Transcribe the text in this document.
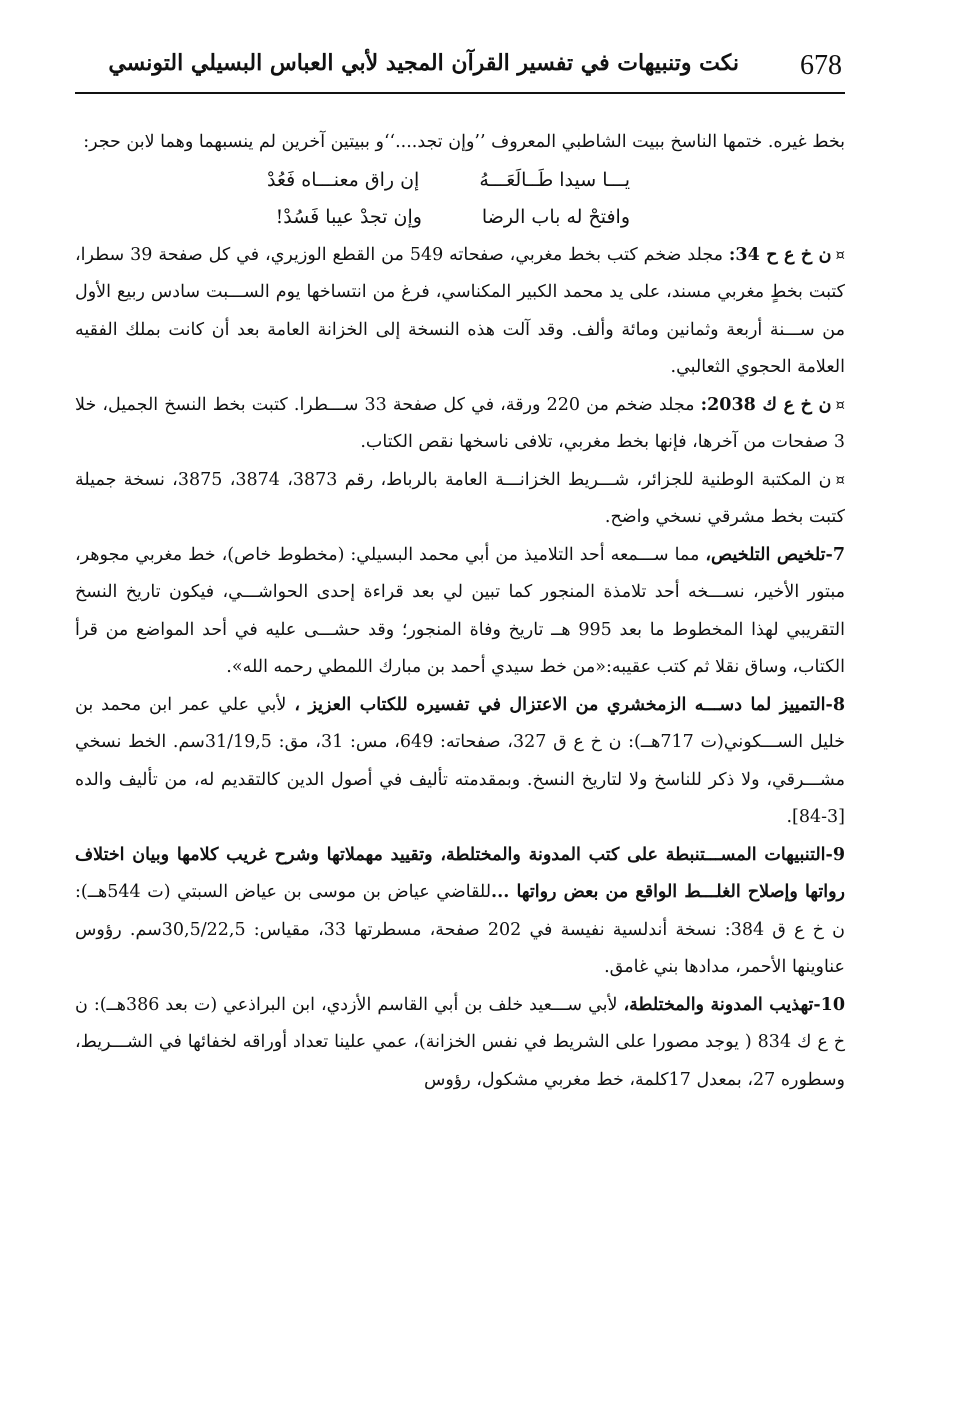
678
نكت وتنبيهات في تفسير القرآن المجيد لأبي العباس البسيلي التونسي

بخط غيره. ختمها الناسخ ببيت الشاطبي المعروف ’’وإن تجد....‘‘و ببيتين آخرين لم ينسبهما وهما لابن حجر:

يـــا سيدا طَــالَعَـــهُ
إن راق معنـــاه فَعُدْ
وافتحْ له باب الرضا
وإن تجدْ عيبا فَسُدْ!

¤ن خ ع ح 34: مجلد ضخم كتب بخط مغربي، صفحاته 549 من القطع الوزيري، في كل صفحة 39 سطرا، كتبت بخطٍ مغربي مسند، على يد محمد الكبير المكناسي، فرغ من انتساخها يوم الســـبت سادس ربيع الأول من ســـنة أربعة وثمانين ومائة وألف. وقد آلت هذه النسخة إلى الخزانة العامة بعد أن كانت بملك الفقيه العلامة الحجوي الثعالبي.

¤ن خ ع ك 2038: مجلد ضخم من 220 ورقة، في كل صفحة 33 ســـطرا. كتبت بخط النسخ الجميل، خلا 3 صفحات من آخرها، فإنها بخط مغربي، تلافى ناسخها نقص الكتاب.

¤ن المكتبة الوطنية للجزائر، شـــريط الخزانـــة العامة بالرباط، رقم 3873، 3874، 3875، نسخة جميلة كتبت بخط مشرقي نسخي واضح.

7-تلخيص التلخيص، مما ســـمعه أحد التلاميذ من أبي محمد البسيلي: (مخطوط خاص)، خط مغربي مجوهر، مبتور الأخير، نســـخه أحد تلامذة المنجور كما تبين لي بعد قراءة إحدى الحواشـــي، فيكون تاريخ النسخ التقريبي لهذا المخطوط ما بعد 995 هــ تاريخ وفاة المنجور؛ وقد حشـــى عليه في أحد المواضع من قرأ الكتاب، وساق نقلا ثم كتب عقيبه:«من خط سيدي أحمد بن مبارك اللمطي رحمه الله».

8-التمييز لما دســـه الزمخشري من الاعتزال في تفسيره للكتاب العزيز ، لأبي علي عمر ابن محمد بن خليل الســـكوني(ت 717هــ): ن خ ع ق 327، صفحاته: 649، مس: 31، مق: 31/19,5سم. الخط نسخي مشـــرقي، ولا ذكر للناسخ ولا لتاريخ النسخ. وبمقدمته تأليف في أصول الدين كالتقديم له، من تأليف والده [3-84].

9-التنبيهات المســـتنبطة على كتب المدونة والمختلطة، وتقييد مهملاتها وشرح غريب كلامها وبيان اختلاف رواتها وإصلاح الغلـــط الواقع من بعض رواتها ...للقاضي عياض بن موسى بن عياض السبتي (ت 544هــ): ن خ ع ق 384: نسخة أندلسية نفيسة في 202 صفحة، مسطرتها 33، مقياس: 30,5/22,5سم. رؤوس عناوينها الأحمر، مدادها بني غامق.

10-تهذيب المدونة والمختلطة، لأبي ســـعيد خلف بن أبي القاسم الأزدي، ابن البراذعي (ت بعد 386هــ): ن خ ع ك 834 ( يوجد مصورا على الشريط في نفس الخزانة)، عمي علينا تعداد أوراقه لخفائها في الشـــريط، وسطوره 27، بمعدل 17كلمة، خط مغربي مشكول، رؤوس
